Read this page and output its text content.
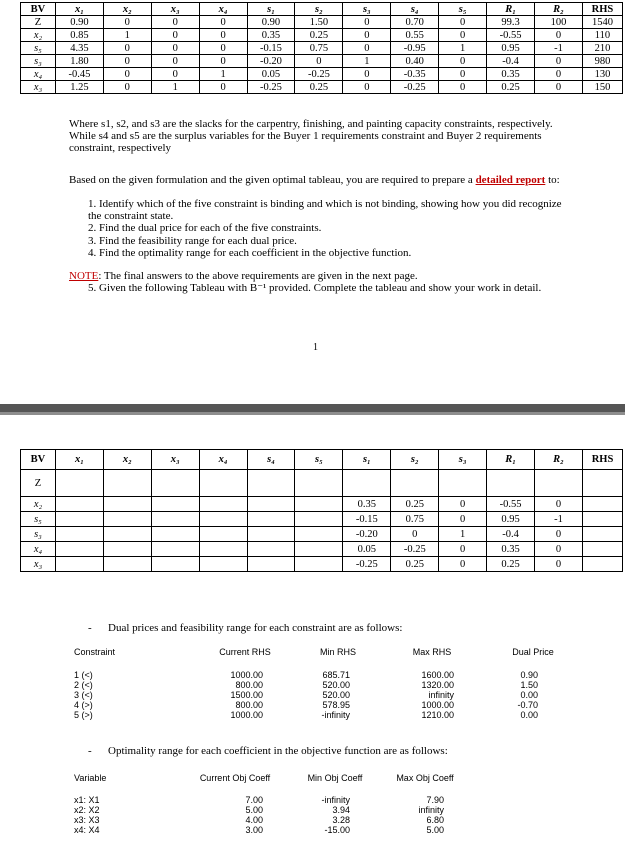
BV	x₁	x₂	x₃	x₄	s₁	s₂	s₃	s₄	s₅	R₁	R₂	RHS
Z	0.90	0	0	0	0.90	1.50	0	0.70	0	99.3	100	1540
x₂	0.85	1	0	0	0.35	0.25	0	0.55	0	-0.55	0	110
s₅	4.35	0	0	0	-0.15	0.75	0	-0.95	1	0.95	-1	210
s₃	1.80	0	0	0	-0.20	0	1	0.40	0	-0.4	0	980
x₄	-0.45	0	0	1	0.05	-0.25	0	-0.35	0	0.35	0	130
x₃	1.25	0	1	0	-0.25	0.25	0	-0.25	0	0.25	0	150
Where s1, s2, and s3 are the slacks for the carpentry, finishing, and painting capacity constraints, respectively. While s4 and s5 are the surplus variables for the Buyer 1 requirements constraint and Buyer 2 requirements constraint, respectively
Based on the given formulation and the given optimal tableau, you are required to prepare a detailed report to:
1. Identify which of the five constraint is binding and which is not binding, showing how you did recognize the constraint state.
2. Find the dual price for each of the five constraints.
3. Find the feasibility range for each dual price.
4. Find the optimality range for each coefficient in the objective function.
NOTE: The final answers to the above requirements are given in the next page.
5. Given the following Tableau with B⁻¹ provided. Complete the tableau and show your work in detail.
1
BV	x₁	x₂	x₃	x₄	s₄	s₅	s₁	s₂	s₃	R₁	R₂	RHS
Z												
x₂							0.35	0.25	0	-0.55	0	
s₅							-0.15	0.75	0	0.95	-1	
s₃							-0.20	0	1	-0.4	0	
x₄							0.05	-0.25	0	0.35	0	
x₃							-0.25	0.25	0	0.25	0	
- Dual prices and feasibility range for each constraint are as follows:
Constraint	Current RHS	Min RHS	Max RHS	Dual Price
1 (<)	1000.00	685.71	1600.00	0.90
2 (<)	800.00	520.00	1320.00	1.50
3 (<)	1500.00	520.00	infinity	0.00
4 (>)	800.00	578.95	1000.00	-0.70
5 (>)	1000.00	-infinity	1210.00	0.00
- Optimality range for each coefficient in the objective function are as follows:
Variable	Current Obj Coeff	Min Obj Coeff	Max Obj Coeff
x1: X1	7.00	-infinity	7.90
x2: X2	5.00	3.94	infinity
x3: X3	4.00	3.28	6.80
x4: X4	3.00	-15.00	5.00
